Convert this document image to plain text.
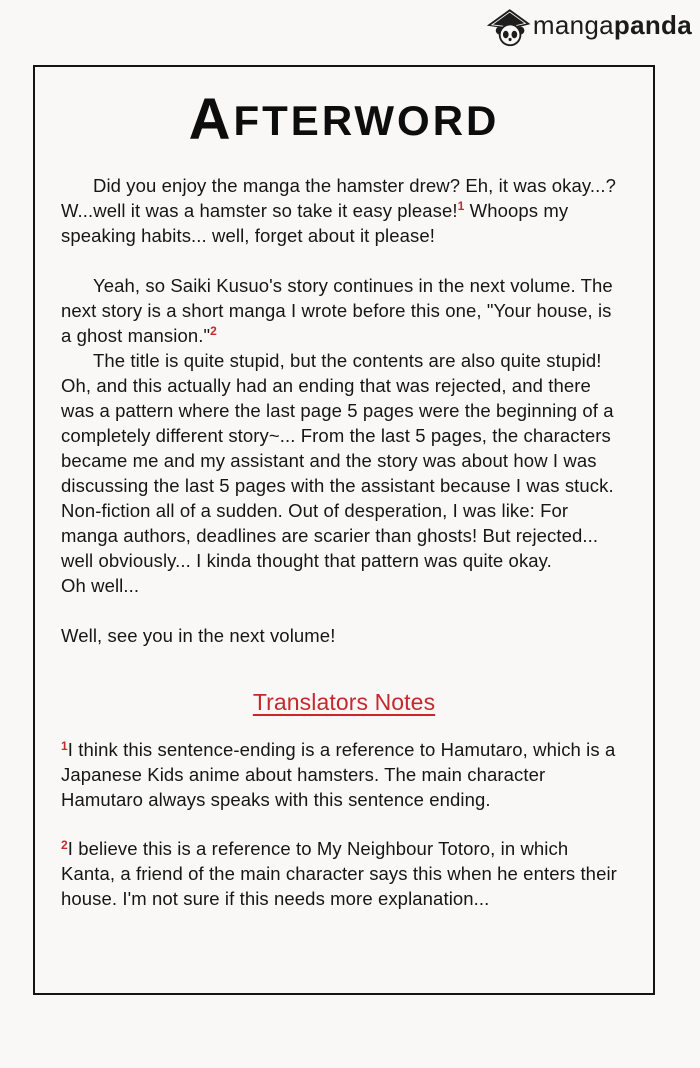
mangapanda
AFTERWORD

Did you enjoy the manga the hamster drew? Eh, it was okay...? W...well it was a hamster so take it easy please!$^1$ Whoops my speaking habits... well, forget about it please!

Yeah, so Saiki Kusuo's story continues in the next volume. The next story is a short manga I wrote before this one, "Your house, is a ghost mansion."$^2$

The title is quite stupid, but the contents are also quite stupid! Oh, and this actually had an ending that was rejected, and there was a pattern where the last page 5 pages were the beginning of a completely different story~... From the last 5 pages, the characters became me and my assistant and the story was about how I was discussing the last 5 pages with the assistant because I was stuck. Non-fiction all of a sudden. Out of desperation, I was like: For manga authors, deadlines are scarier than ghosts! But rejected... well obviously... I kinda thought that pattern was quite okay.

Oh well...

Well, see you in the next volume!

Translators Notes

$^1$I think this sentence-ending is a reference to Hamutaro, which is a Japanese Kids anime about hamsters. The main character Hamutaro always speaks with this sentence ending.

$^2$I believe this is a reference to My Neighbour Totoro, in which Kanta, a friend of the main character says this when he enters their house. I'm not sure if this needs more explanation...
